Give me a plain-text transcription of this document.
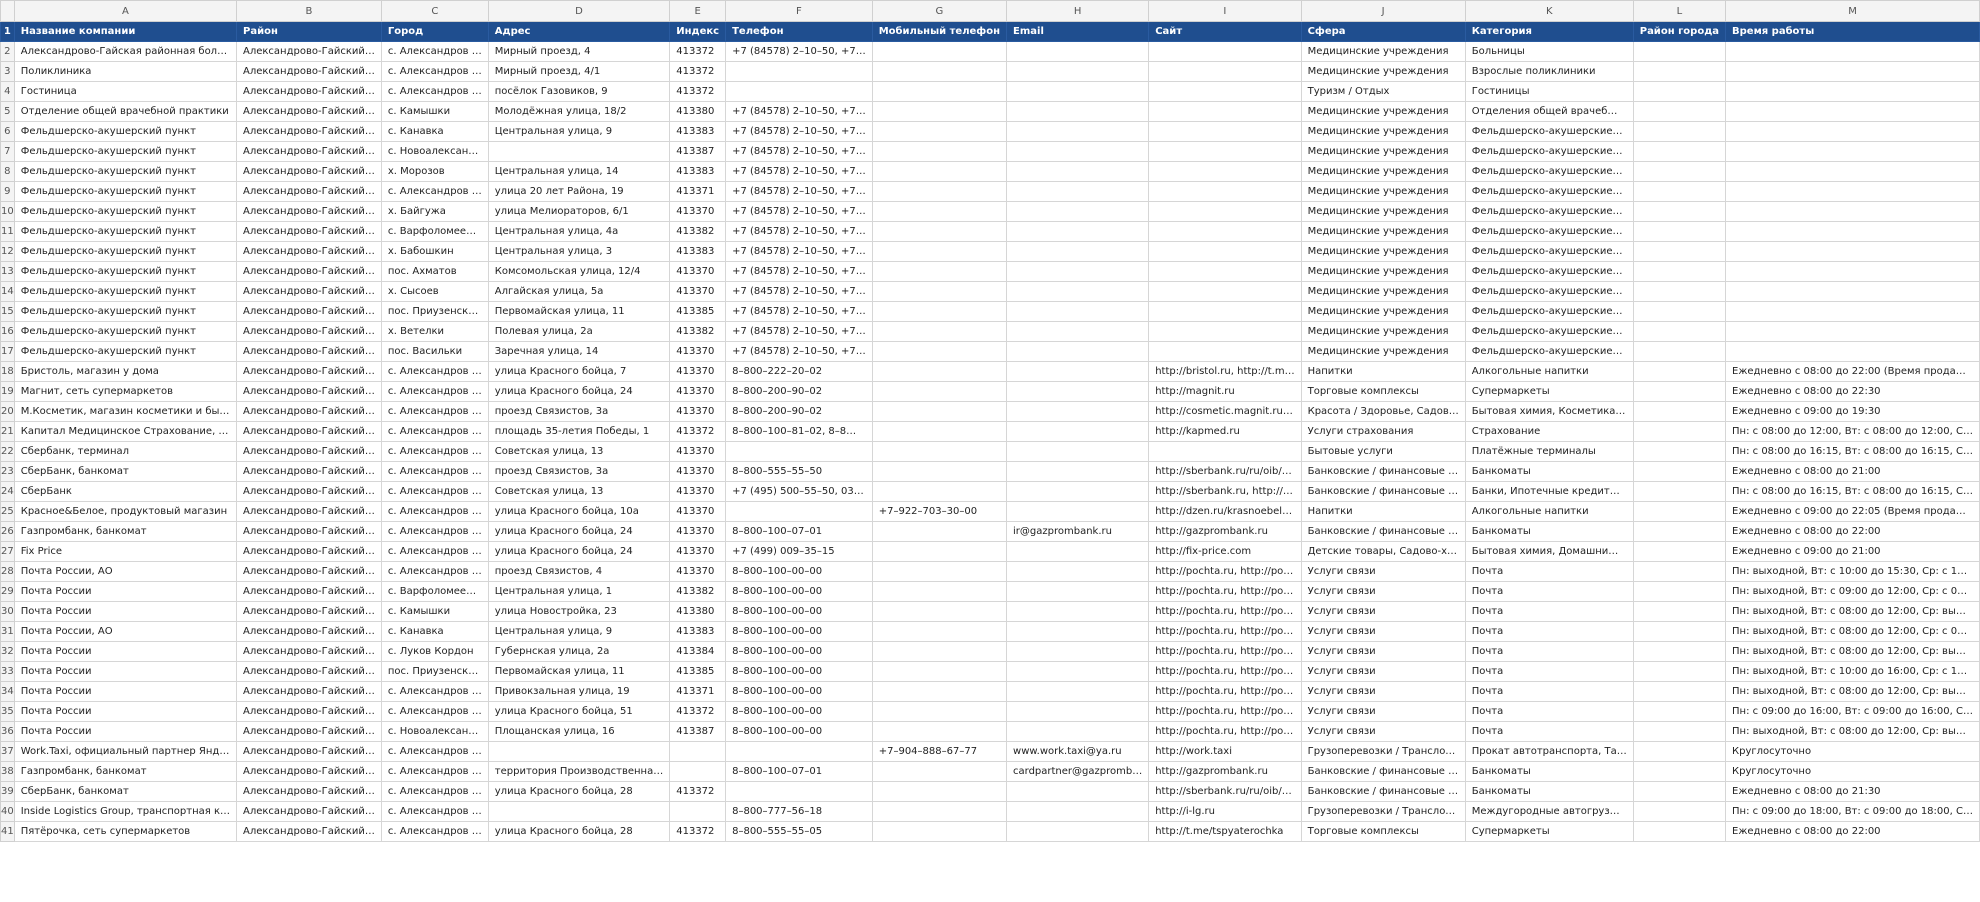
	A	B	C	D	E	F	G	H	I	J	K	L	M
1	Название компании	Район	Город	Адрес	Индекс	Телефон	Мобильный телефон	Email	Сайт	Сфера	Категория	Район города	Время работы
2	Александрово-Гайская районная бол…	Александрово-Гайский…	с. Александров …	Мирный проезд, 4	413372	+7 (84578) 2–10–50, +7…				Медицинские учреждения	Больницы		
3	Поликлиника	Александрово-Гайский…	с. Александров …	Мирный проезд, 4/1	413372					Медицинские учреждения	Взрослые поликлиники		
4	Гостиница	Александрово-Гайский…	с. Александров …	посёлок Газовиков, 9	413372					Туризм / Отдых	Гостиницы		
5	Отделение общей врачебной практики	Александрово-Гайский…	с. Камышки	Молодёжная улица, 18/2	413380	+7 (84578) 2–10–50, +7…				Медицинские учреждения	Отделения общей врачеб…		
6	Фельдшерско-акушерский пункт	Александрово-Гайский…	с. Канавка	Центральная улица, 9	413383	+7 (84578) 2–10–50, +7…				Медицинские учреждения	Фельдшерско-акушерские…		
7	Фельдшерско-акушерский пункт	Александрово-Гайский…	с. Новоалексан…		413387	+7 (84578) 2–10–50, +7…				Медицинские учреждения	Фельдшерско-акушерские…		
8	Фельдшерско-акушерский пункт	Александрово-Гайский…	х. Морозов	Центральная улица, 14	413383	+7 (84578) 2–10–50, +7…				Медицинские учреждения	Фельдшерско-акушерские…		
9	Фельдшерско-акушерский пункт	Александрово-Гайский…	с. Александров …	улица 20 лет Района, 19	413371	+7 (84578) 2–10–50, +7…				Медицинские учреждения	Фельдшерско-акушерские…		
10	Фельдшерско-акушерский пункт	Александрово-Гайский…	х. Байгужа	улица Мелиораторов, 6/1	413370	+7 (84578) 2–10–50, +7…				Медицинские учреждения	Фельдшерско-акушерские…		
11	Фельдшерско-акушерский пункт	Александрово-Гайский…	с. Варфоломее…	Центральная улица, 4а	413382	+7 (84578) 2–10–50, +7…				Медицинские учреждения	Фельдшерско-акушерские…		
12	Фельдшерско-акушерский пункт	Александрово-Гайский…	х. Бабошкин	Центральная улица, 3	413383	+7 (84578) 2–10–50, +7…				Медицинские учреждения	Фельдшерско-акушерские…		
13	Фельдшерско-акушерский пункт	Александрово-Гайский…	пос. Ахматов	Комсомольская улица, 12/4	413370	+7 (84578) 2–10–50, +7…				Медицинские учреждения	Фельдшерско-акушерские…		
14	Фельдшерско-акушерский пункт	Александрово-Гайский…	х. Сысоев	Алгайская улица, 5а	413370	+7 (84578) 2–10–50, +7…				Медицинские учреждения	Фельдшерско-акушерские…		
15	Фельдшерско-акушерский пункт	Александрово-Гайский…	пос. Приузенск…	Первомайская улица, 11	413385	+7 (84578) 2–10–50, +7…				Медицинские учреждения	Фельдшерско-акушерские…		
16	Фельдшерско-акушерский пункт	Александрово-Гайский…	х. Ветелки	Полевая улица, 2а	413382	+7 (84578) 2–10–50, +7…				Медицинские учреждения	Фельдшерско-акушерские…		
17	Фельдшерско-акушерский пункт	Александрово-Гайский…	пос. Васильки	Заречная улица, 14	413370	+7 (84578) 2–10–50, +7…				Медицинские учреждения	Фельдшерско-акушерские…		
18	Бристоль, магазин у дома	Александрово-Гайский…	с. Александров …	улица Красного бойца, 7	413370	8–800–222–20–02			http://bristol.ru, http://t.m…	Напитки	Алкогольные напитки		Ежедневно с 08:00 до 22:00 (Время прода…
19	Магнит, сеть супермаркетов	Александрово-Гайский…	с. Александров …	улица Красного бойца, 24	413370	8–800–200–90–02			http://magnit.ru	Торговые комплексы	Супермаркеты		Ежедневно с 08:00 до 22:30
20	М.Косметик, магазин косметики и бы…	Александрово-Гайский…	с. Александров …	проезд Связистов, 3а	413370	8–800–200–90–02			http://cosmetic.magnit.ru…	Красота / Здоровье, Садов…	Бытовая химия, Косметика…		Ежедневно с 09:00 до 19:30
21	Капитал Медицинское Страхование, …	Александрово-Гайский…	с. Александров …	площадь 35-летия Победы, 1	413372	8–800–100–81–02, 8–8…			http://kapmed.ru	Услуги страхования	Страхование		Пн: с 08:00 до 12:00, Вт: с 08:00 до 12:00, С…
22	Сбербанк, терминал	Александрово-Гайский…	с. Александров …	Советская улица, 13	413370					Бытовые услуги	Платёжные терминалы		Пн: с 08:00 до 16:15, Вт: с 08:00 до 16:15, С…
23	СберБанк, банкомат	Александрово-Гайский…	с. Александров …	проезд Связистов, 3а	413370	8–800–555–55–50			http://sberbank.ru/ru/oib/…	Банковские / финансовые …	Банкоматы		Ежедневно с 08:00 до 21:00
24	СберБанк	Александрово-Гайский…	с. Александров …	Советская улица, 13	413370	+7 (495) 500–55–50, 03…			http://sberbank.ru, http://…	Банковские / финансовые …	Банки, Ипотечные кредит…		Пн: с 08:00 до 16:15, Вт: с 08:00 до 16:15, С…
25	Красное&Белое, продуктовый магазин	Александрово-Гайский…	с. Александров …	улица Красного бойца, 10а	413370		+7–922–703–30–00		http://dzen.ru/krasnoebel…	Напитки	Алкогольные напитки		Ежедневно с 09:00 до 22:05 (Время прода…
26	Газпромбанк, банкомат	Александрово-Гайский…	с. Александров …	улица Красного бойца, 24	413370	8–800–100–07–01		ir@gazprombank.ru	http://gazprombank.ru	Банковские / финансовые …	Банкоматы		Ежедневно с 08:00 до 22:00
27	Fix Price	Александрово-Гайский…	с. Александров …	улица Красного бойца, 24	413370	+7 (499) 009–35–15			http://fix-price.com	Детские товары, Садово-х…	Бытовая химия, Домашни…		Ежедневно с 09:00 до 21:00
28	Почта России, АО	Александрово-Гайский…	с. Александров …	проезд Связистов, 4	413370	8–800–100–00–00			http://pochta.ru, http://po…	Услуги связи	Почта		Пн: выходной, Вт: с 10:00 до 15:30, Ср: с 1…
29	Почта России	Александрово-Гайский…	с. Варфоломее…	Центральная улица, 1	413382	8–800–100–00–00			http://pochta.ru, http://po…	Услуги связи	Почта		Пн: выходной, Вт: с 09:00 до 12:00, Ср: с 0…
30	Почта России	Александрово-Гайский…	с. Камышки	улица Новостройка, 23	413380	8–800–100–00–00			http://pochta.ru, http://po…	Услуги связи	Почта		Пн: выходной, Вт: с 08:00 до 12:00, Ср: вы…
31	Почта России, АО	Александрово-Гайский…	с. Канавка	Центральная улица, 9	413383	8–800–100–00–00			http://pochta.ru, http://po…	Услуги связи	Почта		Пн: выходной, Вт: с 08:00 до 12:00, Ср: с 0…
32	Почта России	Александрово-Гайский…	с. Луков Кордон	Губернская улица, 2а	413384	8–800–100–00–00			http://pochta.ru, http://po…	Услуги связи	Почта		Пн: выходной, Вт: с 08:00 до 12:00, Ср: вы…
33	Почта России	Александрово-Гайский…	пос. Приузенск…	Первомайская улица, 11	413385	8–800–100–00–00			http://pochta.ru, http://po…	Услуги связи	Почта		Пн: выходной, Вт: с 10:00 до 16:00, Ср: с 1…
34	Почта России	Александрово-Гайский…	с. Александров …	Привокзальная улица, 19	413371	8–800–100–00–00			http://pochta.ru, http://po…	Услуги связи	Почта		Пн: выходной, Вт: с 08:00 до 12:00, Ср: вы…
35	Почта России	Александрово-Гайский…	с. Александров …	улица Красного бойца, 51	413372	8–800–100–00–00			http://pochta.ru, http://po…	Услуги связи	Почта		Пн: с 09:00 до 16:00, Вт: с 09:00 до 16:00, С…
36	Почта России	Александрово-Гайский…	с. Новоалексан…	Площанская улица, 16	413387	8–800–100–00–00			http://pochta.ru, http://po…	Услуги связи	Почта		Пн: выходной, Вт: с 08:00 до 12:00, Ср: вы…
37	Work.Taxi, официальный партнер Янд…	Александрово-Гайский…	с. Александров …				+7–904–888–67–77	www.work.taxi@ya.ru	http://work.taxi	Грузоперевозки / Трансло…	Прокат автотранспорта, Та…		Круглосуточно
38	Газпромбанк, банкомат	Александрово-Гайский…	с. Александров …	территория Производственна…		8–800–100–07–01		cardpartner@gazpromb…	http://gazprombank.ru	Банковские / финансовые …	Банкоматы		Круглосуточно
39	СберБанк, банкомат	Александрово-Гайский…	с. Александров …	улица Красного бойца, 28	413372				http://sberbank.ru/ru/oib/…	Банковские / финансовые …	Банкоматы		Ежедневно с 08:00 до 21:30
40	Inside Logistics Group, транспортная к…	Александрово-Гайский…	с. Александров …			8–800–777–56–18			http://i-lg.ru	Грузоперевозки / Трансло…	Междугородные автогруз…		Пн: с 09:00 до 18:00, Вт: с 09:00 до 18:00, С…
41	Пятёрочка, сеть супермаркетов	Александрово-Гайский…	с. Александров …	улица Красного бойца, 28	413372	8–800–555–55–05			http://t.me/tspyaterochka	Торговые комплексы	Супермаркеты		Ежедневно с 08:00 до 22:00
